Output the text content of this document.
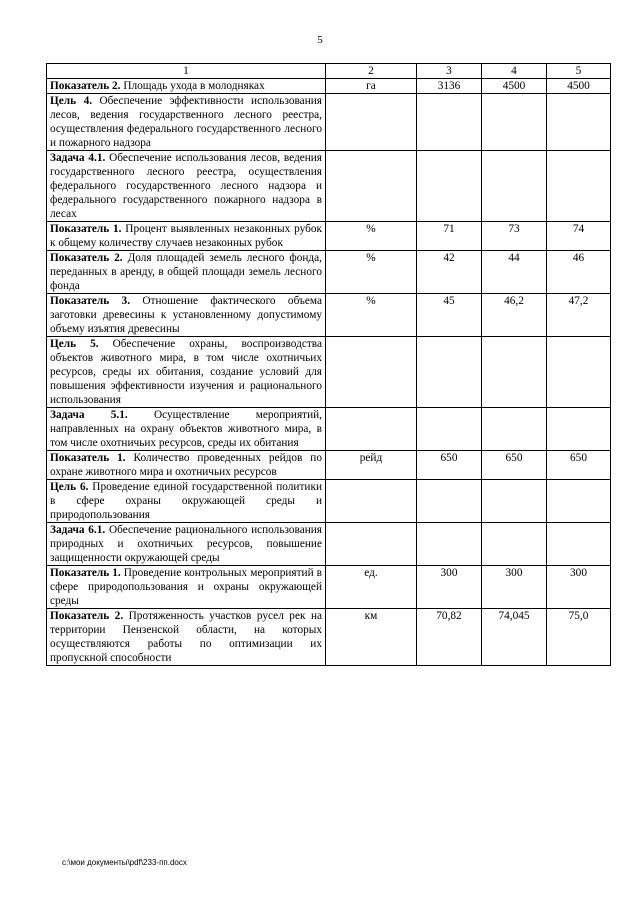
5
1	2	3	4	5
Показатель 2. Площадь ухода в молодняках	га	3136	4500	4500
Цель 4. Обеспечение эффективности использования лесов, ведения государственного лесного реестра, осуществления федерального государственного лесного и пожарного надзора				
Задача 4.1. Обеспечение использования лесов, ведения государственного лесного реестра, осуществления федерального государственного лесного надзора и федерального государственного пожарного надзора в лесах				
Показатель 1. Процент выявленных незаконных рубок к общему количеству случаев незаконных рубок	%	71	73	74
Показатель 2. Доля площадей земель лесного фонда, переданных в аренду, в общей площади земель лесного фонда	%	42	44	46
Показатель 3. Отношение фактического объема заготовки древесины к установленному допустимому объему изъятия древесины	%	45	46,2	47,2
Цель 5. Обеспечение охраны, воспроизводства объектов животного мира, в том числе охотничьих ресурсов, среды их обитания, создание условий для повышения эффективности изучения и рационального использования				
Задача 5.1. Осуществление мероприятий, направленных на охрану объектов животного мира, в том числе охотничьих ресурсов, среды их обитания				
Показатель 1. Количество проведенных рейдов по охране животного мира и охотничьих ресурсов	рейд	650	650	650
Цель 6. Проведение единой государственной политики в сфере охраны окружающей среды и природопользования				
Задача 6.1. Обеспечение рационального использования природных и охотничьих ресурсов, повышение защищенности окружающей среды				
Показатель 1. Проведение контрольных мероприятий в сфере природопользования и охраны окружающей среды	ед.	300	300	300
Показатель 2. Протяженность участков русел рек на территории Пензенской области, на которых осуществляются работы по оптимизации их пропускной способности	км	70,82	74,045	75,0
c:\мои документы\pdf\233-пп.docx
